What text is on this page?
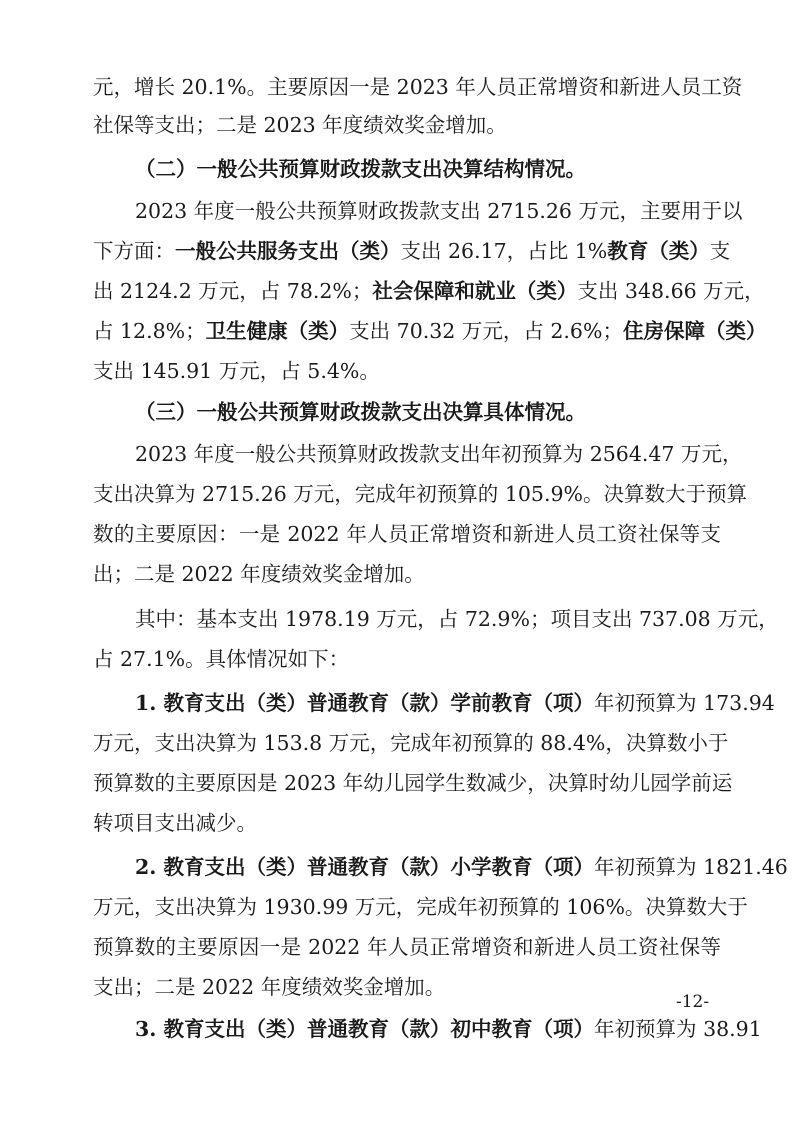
元，增长 20.1%。主要原因一是 2023 年人员正常增资和新进人员工资
社保等支出；二是 2023 年度绩效奖金增加。
（二）一般公共预算财政拨款支出决算结构情况。
2023 年度一般公共预算财政拨款支出 2715.26 万元，主要用于以
下方面：一般公共服务支出（类）支出 26.17，占比 1%教育（类）支
出 2124.2 万元，占 78.2%；社会保障和就业（类）支出 348.66 万元，
占 12.8%；卫生健康（类）支出 70.32 万元，占 2.6%；住房保障（类）
支出 145.91 万元，占 5.4%。
（三）一般公共预算财政拨款支出决算具体情况。
2023 年度一般公共预算财政拨款支出年初预算为 2564.47 万元，
支出决算为 2715.26 万元，完成年初预算的 105.9%。决算数大于预算
数的主要原因：一是 2022 年人员正常增资和新进人员工资社保等支
出；二是 2022 年度绩效奖金增加。
其中：基本支出 1978.19 万元，占 72.9%；项目支出 737.08 万元，
占 27.1%。具体情况如下：
1. 教育支出（类）普通教育（款）学前教育（项）年初预算为 173.94
万元，支出决算为 153.8 万元，完成年初预算的 88.4%，决算数小于
预算数的主要原因是 2023 年幼儿园学生数减少，决算时幼儿园学前运
转项目支出减少。
2. 教育支出（类）普通教育（款）小学教育（项）年初预算为 1821.46
万元，支出决算为 1930.99 万元，完成年初预算的 106%。决算数大于
预算数的主要原因一是 2022 年人员正常增资和新进人员工资社保等
支出；二是 2022 年度绩效奖金增加。
3. 教育支出（类）普通教育（款）初中教育（项）年初预算为 38.91
-12-
